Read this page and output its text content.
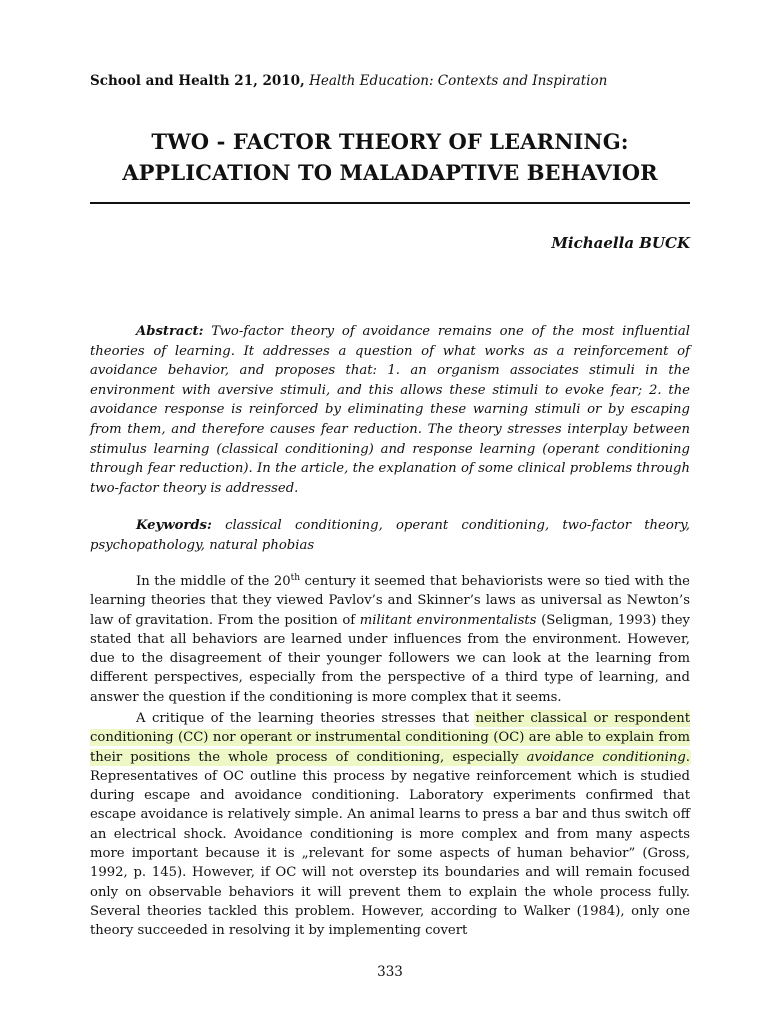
School and Health 21, 2010, Health Education: Contexts and Inspiration
TWO - FACTOR THEORY OF LEARNING:
APPLICATION TO MALADAPTIVE BEHAVIOR
Michaella BUCK

Abstract: Two-factor theory of avoidance remains one of the most influential theories of learning. It addresses a question of what works as a reinforcement of avoidance behavior, and proposes that: 1. an organism associates stimuli in the environment with aversive stimuli, and this allows these stimuli to evoke fear; 2. the avoidance response is reinforced by eliminating these warning stimuli or by escaping from them, and therefore causes fear reduction. The theory stresses interplay between stimulus learning (classical conditioning) and response learning (operant conditioning through fear reduction). In the article, the explanation of some clinical problems through two-factor theory is addressed.

Keywords: classical conditioning, operant conditioning, two-factor theory, psychopathology, natural phobias

In the middle of the 20th century it seemed that behaviorists were so tied with the learning theories that they viewed Pavlov’s and Skinner’s laws as universal as Newton’s law of gravitation. From the position of militant environmentalists (Seligman, 1993) they stated that all behaviors are learned under influences from the environment. However, due to the disagreement of their younger followers we can look at the learning from different perspectives, especially from the perspective of a third type of learning, and answer the question if the conditioning is more complex that it seems.

A critique of the learning theories stresses that neither classical or respondent conditioning (CC) nor operant or instrumental conditioning (OC) are able to explain from their positions the whole process of conditioning, especially avoidance conditioning. Representatives of OC outline this process by negative reinforcement which is studied during escape and avoidance conditioning. Laboratory experiments confirmed that escape avoidance is relatively simple. An animal learns to press a bar and thus switch off an electrical shock. Avoidance conditioning is more complex and from many aspects more important because it is „relevant for some aspects of human behavior” (Gross, 1992, p. 145). However, if OC will not overstep its boundaries and will remain focused only on observable behaviors it will prevent them to explain the whole process fully. Several theories tackled this problem. However, according to Walker (1984), only one theory succeeded in resolving it by implementing covert

333
